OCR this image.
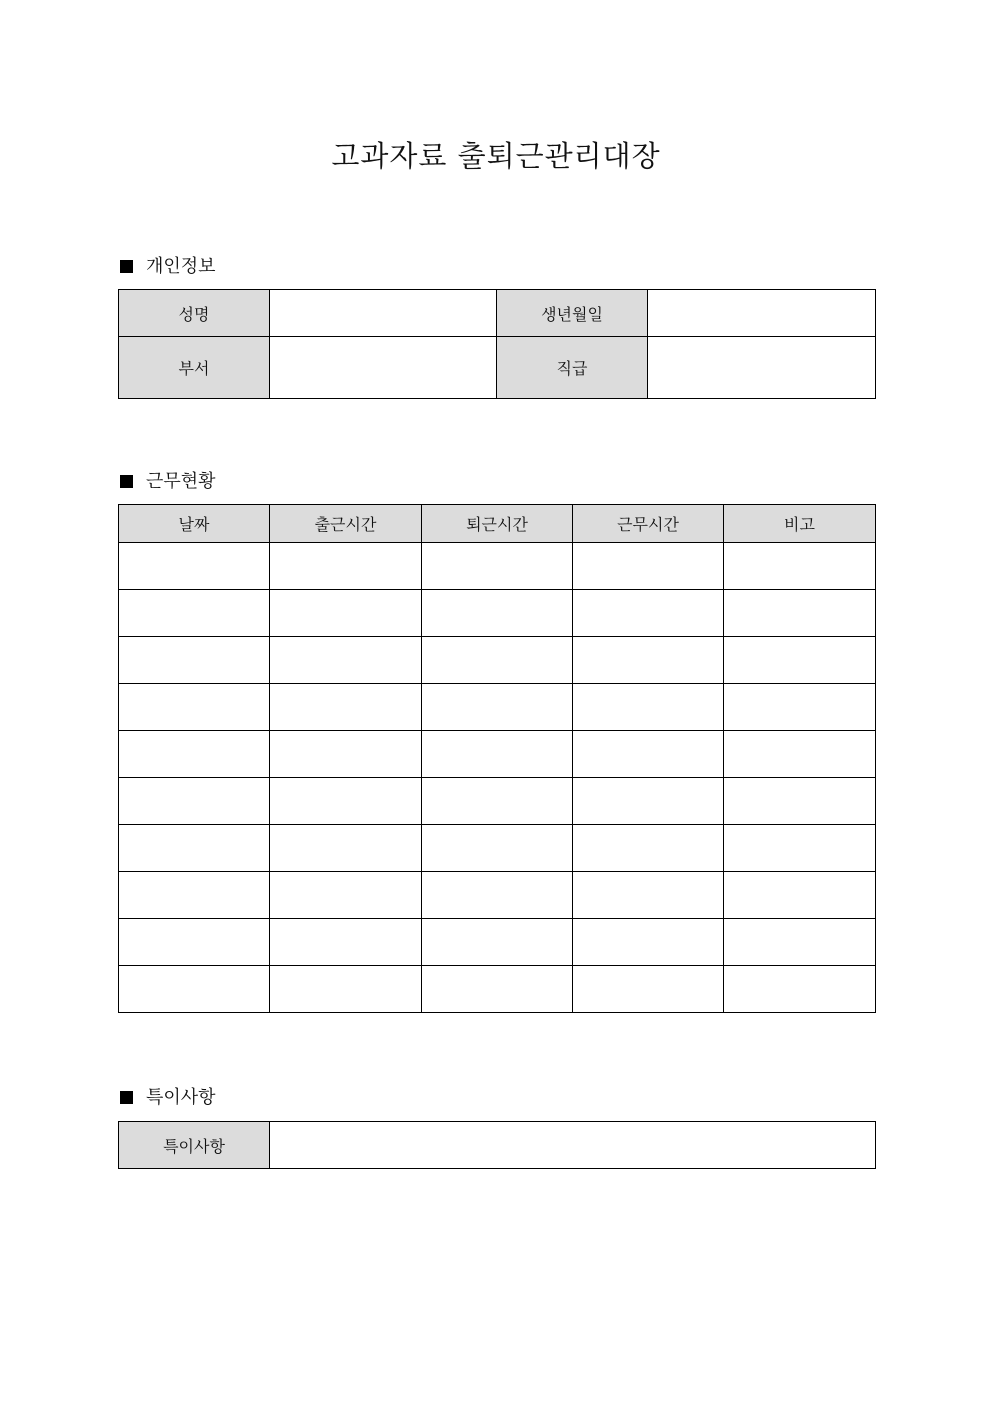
고과자료 출퇴근관리대장
개인정보
성명		생년월일	
부서		직급	
근무현황
날짜	출근시간	퇴근시간	근무시간	비고

특이사항
특이사항	
